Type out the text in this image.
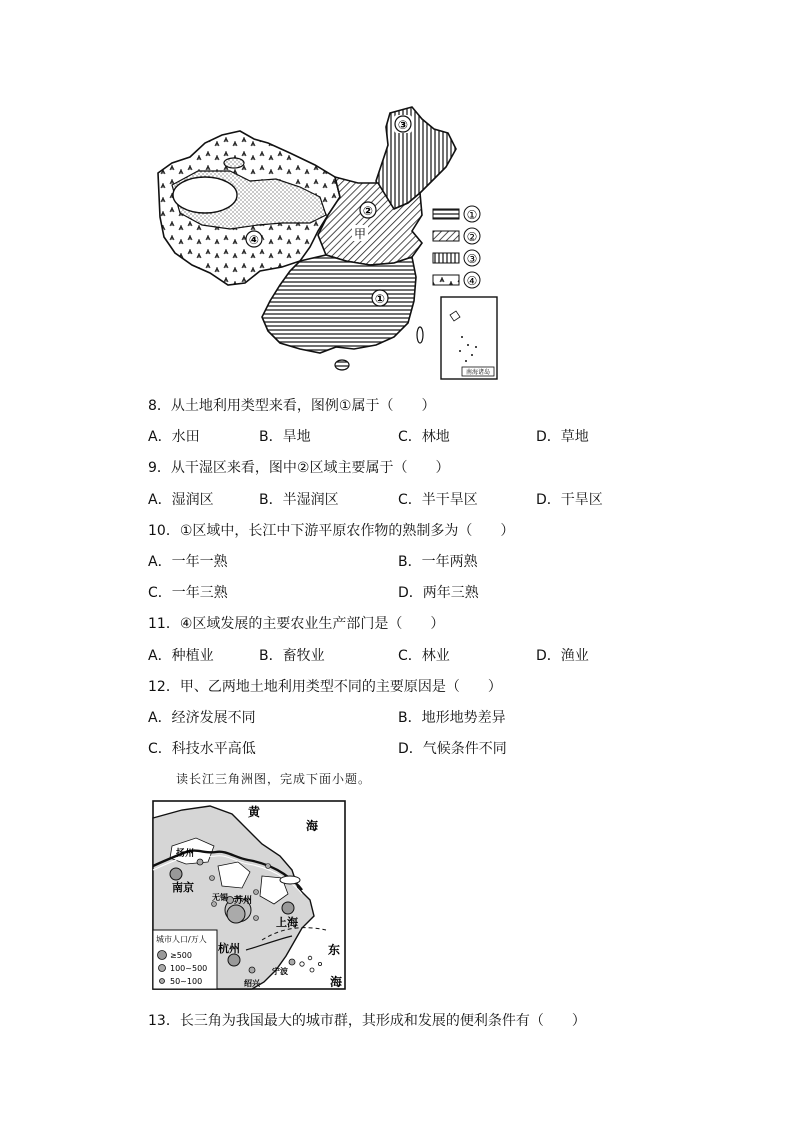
③
②
④
①
甲
①
②
③
④
南海诸岛
8．从土地利用类型来看，图例①属于（　　）
A．水田	B．旱地	C．林地	D．草地
9．从干湿区来看，图中②区域主要属于（　　）
A．湿润区	B．半湿润区	C．半干旱区	D．干旱区
10．①区域中，长江中下游平原农作物的熟制多为（　　）
A．一年一熟	B．一年两熟
C．一年三熟	D．两年三熟
11．④区域发展的主要农业生产部门是（　　）
A．种植业	B．畜牧业	C．林业	D．渔业
12．甲、乙两地土地利用类型不同的主要原因是（　　）
A．经济发展不同	B．地形地势差异
C．科技水平高低	D．气候条件不同
读长江三角洲图，完成下面小题。
黄
海
东
海
扬州
南京
无锡 苏州
上海
杭州
绍兴
宁波
城市人口/万人
≥500
100~500
50~100
13．长三角为我国最大的城市群，其形成和发展的便利条件有（　　）
